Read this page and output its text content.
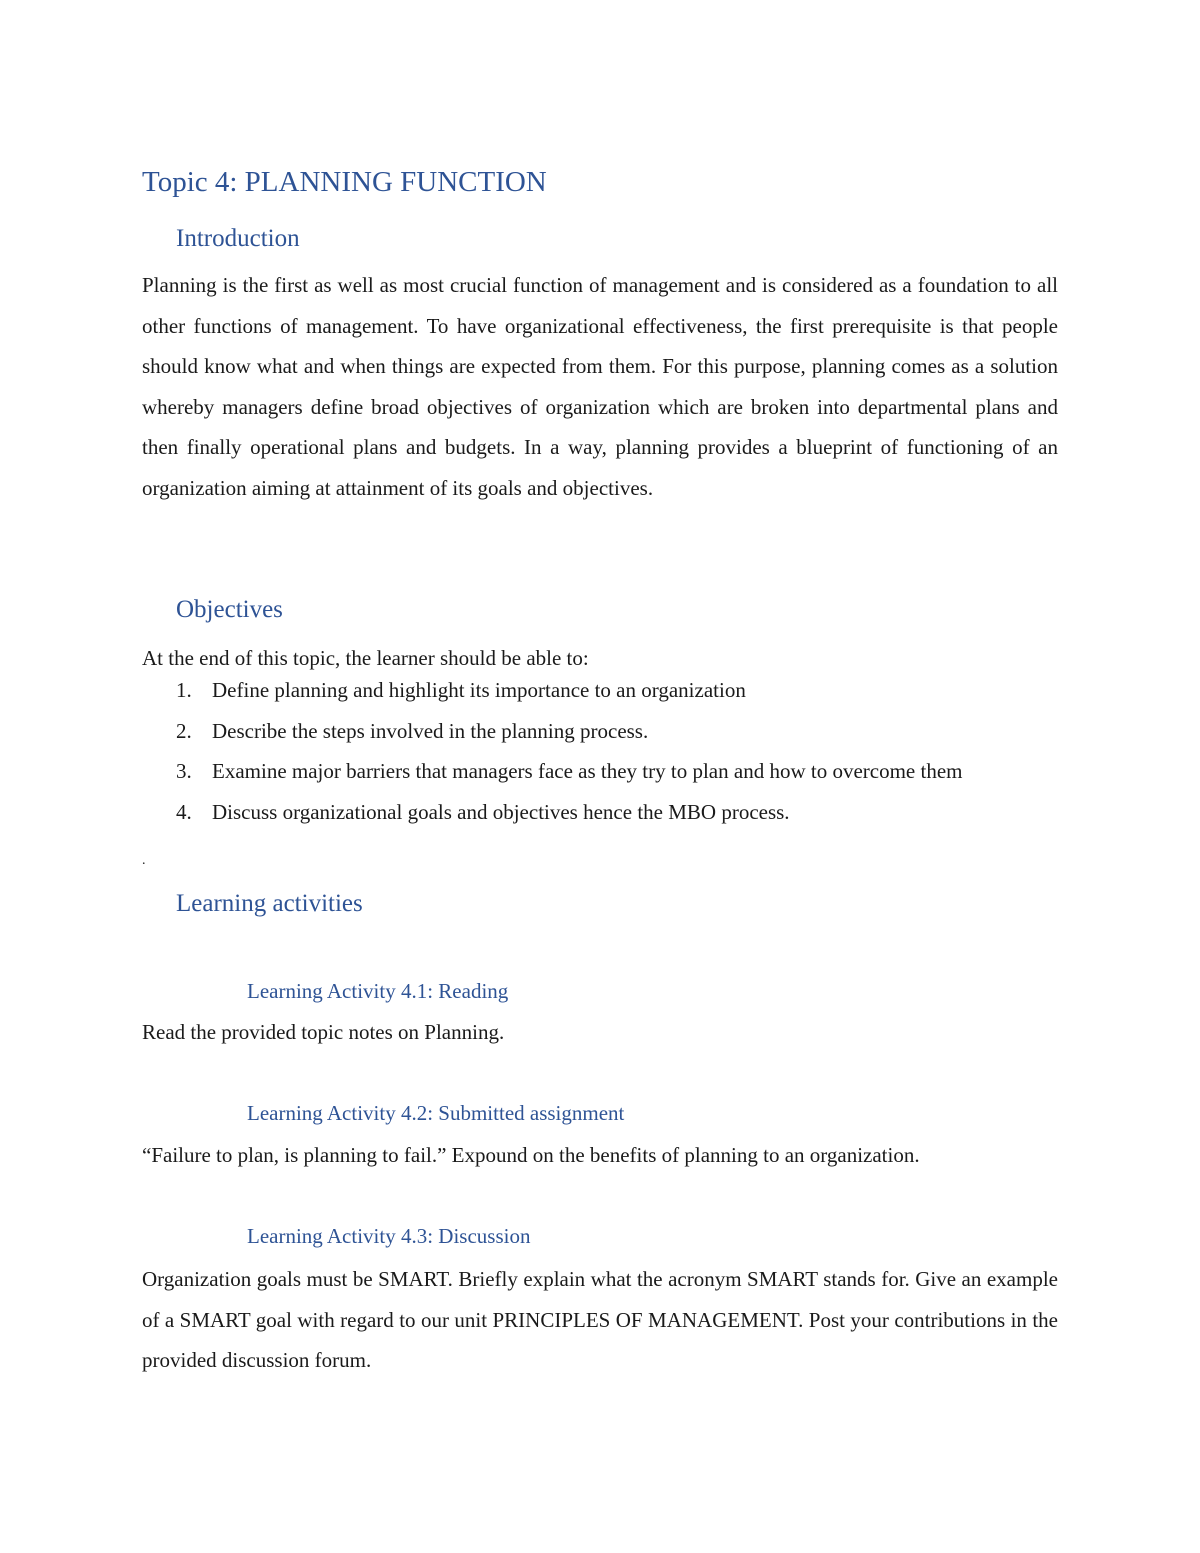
Topic 4: PLANNING FUNCTION
Introduction

Planning is the first as well as most crucial function of management and is considered as a foundation to all other functions of management. To have organizational effectiveness, the first prerequisite is that people should know what and when things are expected from them. For this purpose, planning comes as a solution whereby managers define broad objectives of organization which are broken into departmental plans and then finally operational plans and budgets. In a way, planning provides a blueprint of functioning of an organization aiming at attainment of its goals and objectives.

Objectives

At the end of this topic, the learner should be able to:

1. Define planning and highlight its importance to an organization
2. Describe the steps involved in the planning process.
3. Examine major barriers that managers face as they try to plan and how to overcome them
4. Discuss organizational goals and objectives hence the MBO process.
.
Learning activities
Learning Activity 4.1: Reading

Read the provided topic notes on Planning.

Learning Activity 4.2: Submitted assignment

“Failure to plan, is planning to fail.” Expound on the benefits of planning to an organization.

Learning Activity 4.3: Discussion

Organization goals must be SMART. Briefly explain what the acronym SMART stands for. Give an example of a SMART goal with regard to our unit PRINCIPLES OF MANAGEMENT. Post your contributions in the provided discussion forum.
